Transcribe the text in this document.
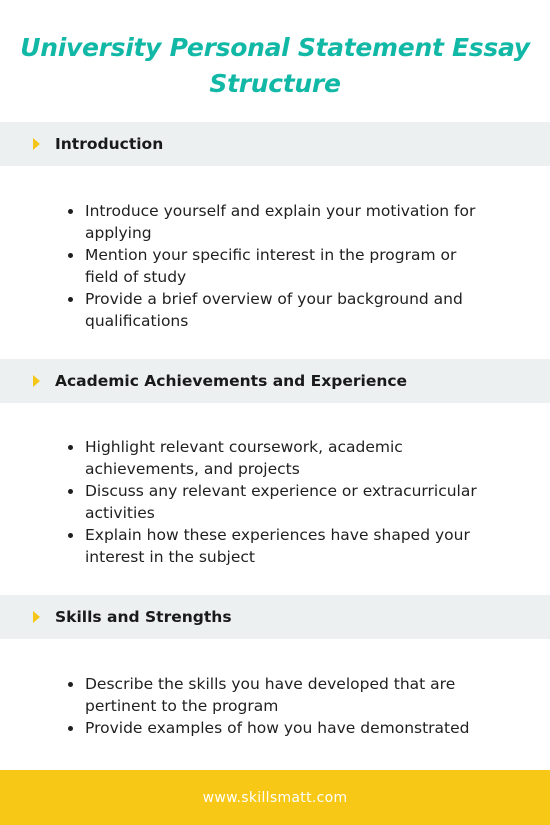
University Personal Statement Essay Structure
Introduction
Introduce yourself and explain your motivation for applying
Mention your specific interest in the program or field of study
Provide a brief overview of your background and qualifications
Academic Achievements and Experience
Highlight relevant coursework, academic achievements, and projects
Discuss any relevant experience or extracurricular activities
Explain how these experiences have shaped your interest in the subject
Skills and Strengths
Describe the skills you have developed that are pertinent to the program
Provide examples of how you have demonstrated
www.skillsmatt.com
